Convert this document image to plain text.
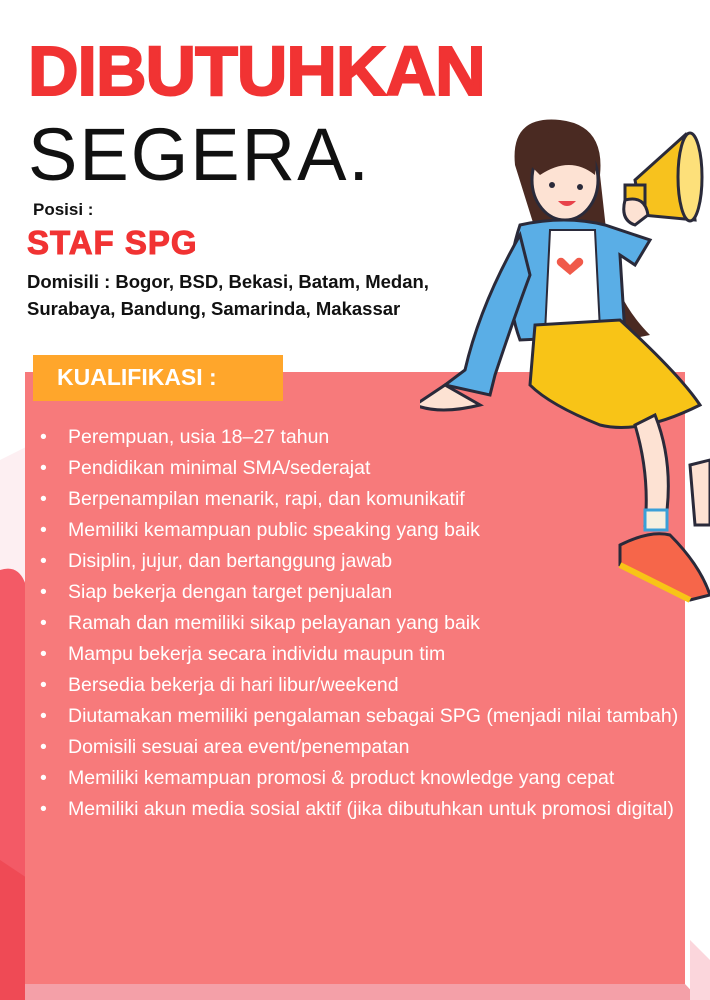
DIBUTUHKAN
SEGERA.
Posisi :
STAF SPG
Domisili : Bogor, BSD, Bekasi, Batam, Medan, Surabaya, Bandung, Samarinda, Makassar
KUALIFIKASI :
• Perempuan, usia 18–27 tahun
• Pendidikan minimal SMA/sederajat
• Berpenampilan menarik, rapi, dan komunikatif
• Memiliki kemampuan public speaking yang baik
• Disiplin, jujur, dan bertanggung jawab
• Siap bekerja dengan target penjualan
• Ramah dan memiliki sikap pelayanan yang baik
• Mampu bekerja secara individu maupun tim
• Bersedia bekerja di hari libur/weekend
• Diutamakan memiliki pengalaman sebagai SPG (menjadi nilai tambah)
• Domisili sesuai area event/penempatan
• Memiliki kemampuan promosi & product knowledge yang cepat
• Memiliki akun media sosial aktif (jika dibutuhkan untuk promosi digital)
